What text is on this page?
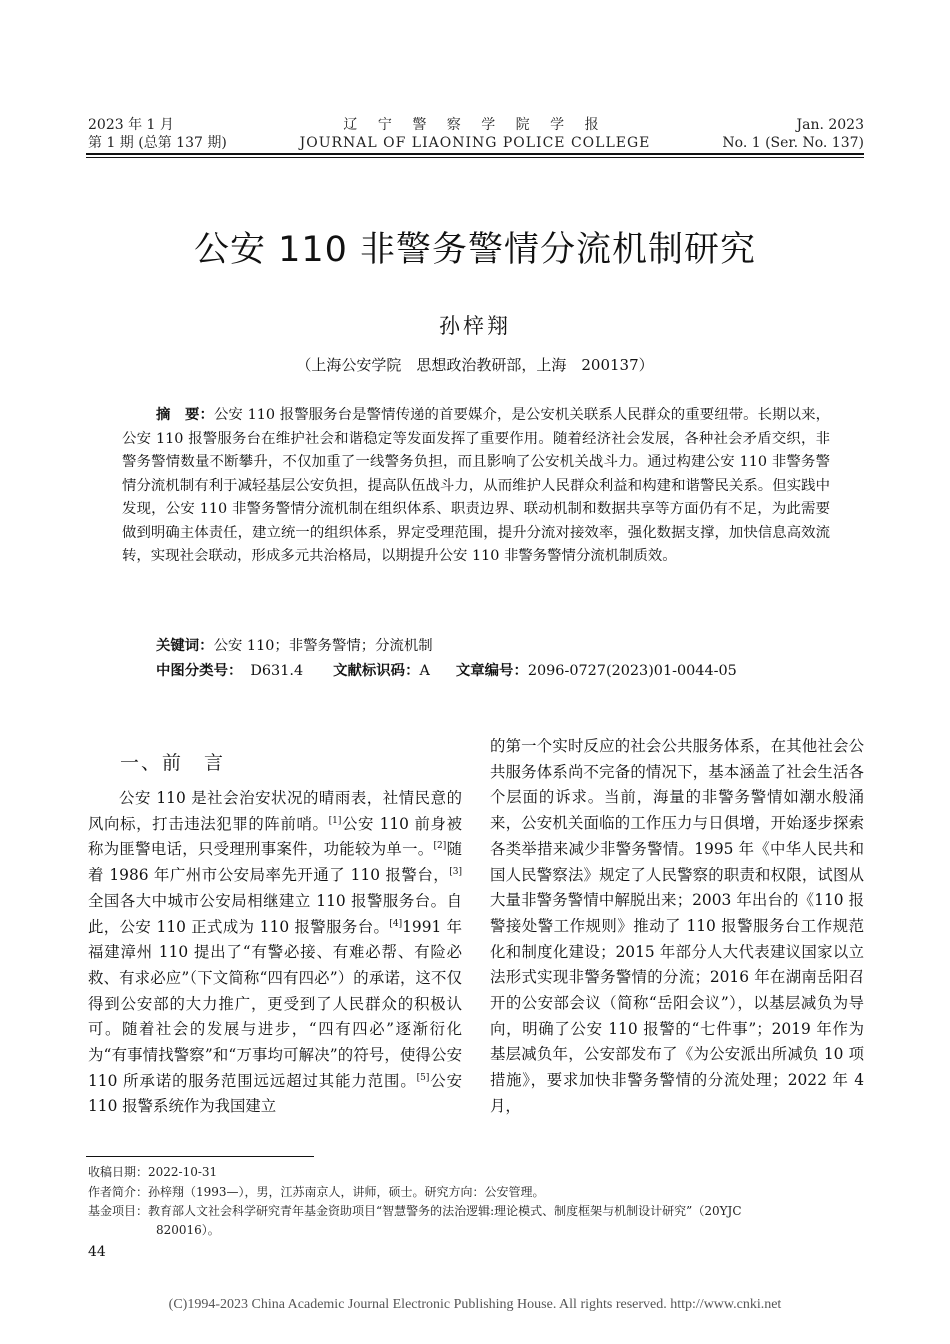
2023 年 1 月
第 1 期 (总第 137 期)
辽 宁 警 察 学 院 学 报
JOURNAL OF LIAONING POLICE COLLEGE
Jan. 2023
No. 1 (Ser. No. 137)
公安 110 非警务警情分流机制研究
孙梓翔
（上海公安学院　思想政治教研部，上海　200137）
摘　要：公安 110 报警服务台是警情传递的首要媒介，是公安机关联系人民群众的重要纽带。长期以来，公安 110 报警服务台在维护社会和谐稳定等发面发挥了重要作用。随着经济社会发展，各种社会矛盾交织，非警务警情数量不断攀升，不仅加重了一线警务负担，而且影响了公安机关战斗力。通过构建公安 110 非警务警情分流机制有利于减轻基层公安负担，提高队伍战斗力，从而维护人民群众利益和构建和谐警民关系。但实践中发现，公安 110 非警务警情分流机制在组织体系、职责边界、联动机制和数据共享等方面仍有不足，为此需要做到明确主体责任，建立统一的组织体系，界定受理范围，提升分流对接效率，强化数据支撑，加快信息高效流转，实现社会联动，形成多元共治格局，以期提升公安 110 非警务警情分流机制质效。
关键词：公安 110；非警务警情；分流机制
中图分类号： D631.4 文献标识码：A 文章编号：2096-0727(2023)01-0044-05
一、前　言
公安 110 是社会治安状况的晴雨表，社情民意的风向标，打击违法犯罪的阵前哨。[1]公安 110 前身被称为匪警电话，只受理刑事案件，功能较为单一。[2]随着 1986 年广州市公安局率先开通了 110 报警台，[3]全国各大中城市公安局相继建立 110 报警服务台。自此，公安 110 正式成为 110 报警服务台。[4]1991 年福建漳州 110 提出了“有警必接、有难必帮、有险必救、有求必应”（下文简称“四有四必”）的承诺，这不仅得到公安部的大力推广，更受到了人民群众的积极认可。随着社会的发展与进步，“四有四必”逐渐衍化为“有事情找警察”和“万事均可解决”的符号，使得公安 110 所承诺的服务范围远远超过其能力范围。[5]公安 110 报警系统作为我国建立
的第一个实时反应的社会公共服务体系，在其他社会公共服务体系尚不完备的情况下，基本涵盖了社会生活各个层面的诉求。当前，海量的非警务警情如潮水般涌来，公安机关面临的工作压力与日俱增，开始逐步探索各类举措来减少非警务警情。1995 年《中华人民共和国人民警察法》规定了人民警察的职责和权限，试图从大量非警务警情中解脱出来；2003 年出台的《110 报警接处警工作规则》推动了 110 报警服务台工作规范化和制度化建设；2015 年部分人大代表建议国家以立法形式实现非警务警情的分流；2016 年在湖南岳阳召开的公安部会议（简称“岳阳会议”），以基层减负为导向，明确了公安 110 报警的“七件事”；2019 年作为基层减负年，公安部发布了《为公安派出所减负 10 项措施》，要求加快非警务警情的分流处理；2022 年 4 月，
收稿日期：2022-10-31
作者简介：孙梓翔（1993—），男，江苏南京人，讲师，硕士。研究方向：公安管理。
基金项目：教育部人文社会科学研究青年基金资助项目“智慧警务的法治逻辑:理论模式、制度框架与机制设计研究”（20YJC
820016）。
44
(C)1994-2023 China Academic Journal Electronic Publishing House. All rights reserved. http://www.cnki.net
